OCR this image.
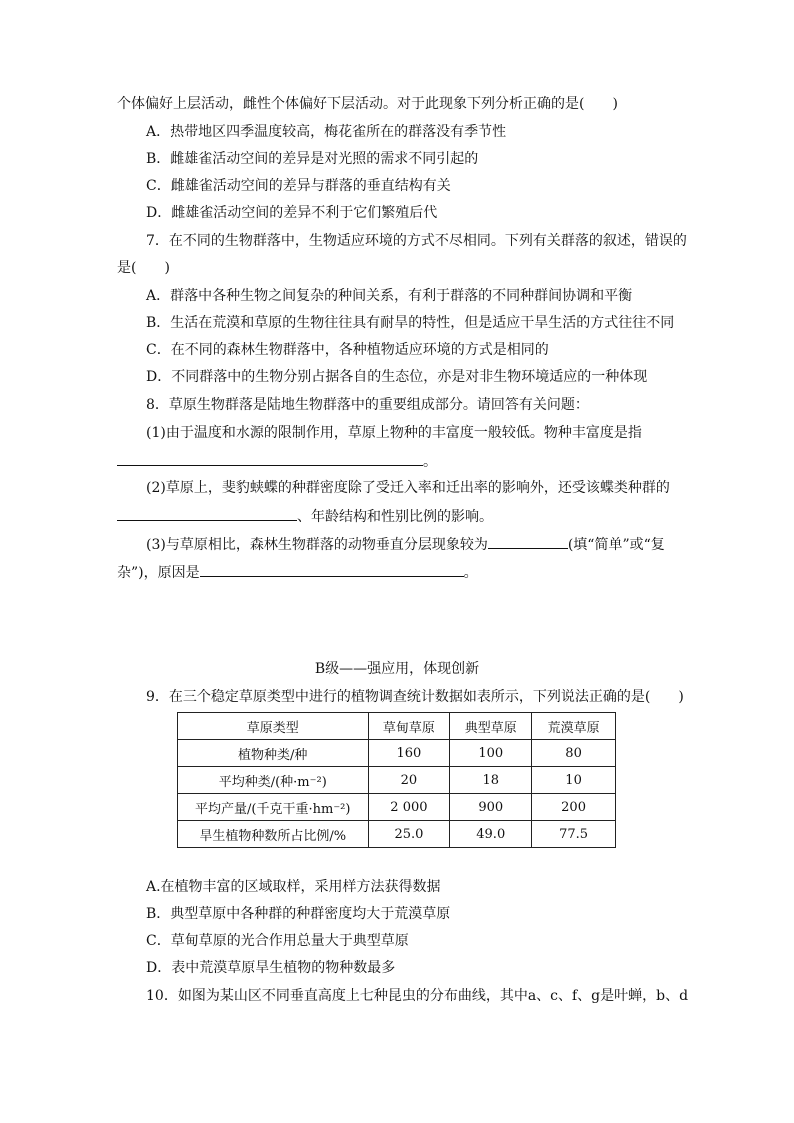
个体偏好上层活动，雌性个体偏好下层活动。对于此现象下列分析正确的是(　　)
A．热带地区四季温度较高，梅花雀所在的群落没有季节性
B．雌雄雀活动空间的差异是对光照的需求不同引起的
C．雌雄雀活动空间的差异与群落的垂直结构有关
D．雌雄雀活动空间的差异不利于它们繁殖后代
7．在不同的生物群落中，生物适应环境的方式不尽相同。下列有关群落的叙述，错误的
是(　　)
A．群落中各种生物之间复杂的种间关系，有利于群落的不同种群间协调和平衡
B．生活在荒漠和草原的生物往往具有耐旱的特性，但是适应干旱生活的方式往往不同
C．在不同的森林生物群落中，各种植物适应环境的方式是相同的
D．不同群落中的生物分别占据各自的生态位，亦是对非生物环境适应的一种体现
8．草原生物群落是陆地生物群落中的重要组成部分。请回答有关问题：
(1)由于温度和水源的限制作用，草原上物种的丰富度一般较低。物种丰富度是指
。
(2)草原上，斐豹蛱蝶的种群密度除了受迁入率和迁出率的影响外，还受该蝶类种群的
、年龄结构和性别比例的影响。
(3)与草原相比，森林生物群落的动物垂直分层现象较为	(填“简单”或“复
杂”)，原因是	。
B级——强应用，体现创新
9．在三个稳定草原类型中进行的植物调查统计数据如表所示，下列说法正确的是(　　)
草原类型	草甸草原	典型草原	荒漠草原
植物种类/种	160	100	80
平均种类/(种·m⁻²)	20	18	10
平均产量/(千克干重·hm⁻²)	2 000	900	200
旱生植物种数所占比例/%	25.0	49.0	77.5
A.在植物丰富的区域取样，采用样方法获得数据
B．典型草原中各种群的种群密度均大于荒漠草原
C．草甸草原的光合作用总量大于典型草原
D．表中荒漠草原旱生植物的物种数最多
10．如图为某山区不同垂直高度上七种昆虫的分布曲线，其中a、c、f、g是叶蝉，b、d
